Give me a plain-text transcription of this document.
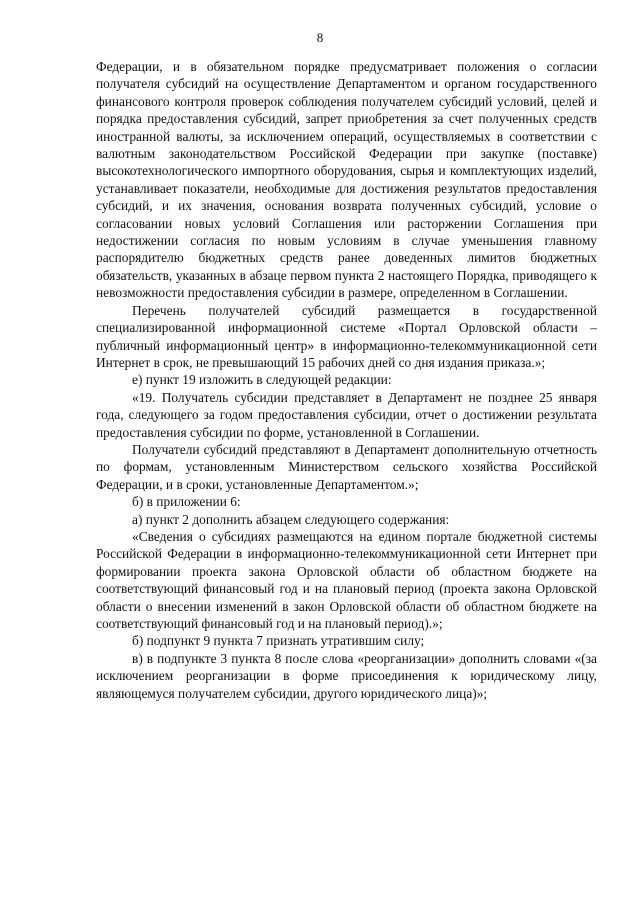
8

Федерации, и в обязательном порядке предусматривает положения о согласии получателя субсидий на осуществление Департаментом и органом государственного финансового контроля проверок соблюдения получателем субсидий условий, целей и порядка предоставления субсидий, запрет приобретения за счет полученных средств иностранной валюты, за исключением операций, осуществляемых в соответствии с валютным законодательством Российской Федерации при закупке (поставке) высокотехнологического импортного оборудования, сырья и комплектующих изделий, устанавливает показатели, необходимые для достижения результатов предоставления субсидий, и их значения, основания возврата полученных субсидий, условие о согласовании новых условий Соглашения или расторжении Соглашения при недостижении согласия по новым условиям в случае уменьшения главному распорядителю бюджетных средств ранее доведенных лимитов бюджетных обязательств, указанных в абзаце первом пункта 2 настоящего Порядка, приводящего к невозможности предоставления субсидии в размере, определенном в Соглашении.

Перечень получателей субсидий размещается в государственной специализированной информационной системе «Портал Орловской области – публичный информационный центр» в информационно-телекоммуникационной сети Интернет в срок, не превышающий 15 рабочих дней со дня издания приказа.»;

е) пункт 19 изложить в следующей редакции:

«19. Получатель субсидии представляет в Департамент не позднее 25 января года, следующего за годом предоставления субсидии, отчет о достижении результата предоставления субсидии по форме, установленной в Соглашении.

Получатели субсидий представляют в Департамент дополнительную отчетность по формам, установленным Министерством сельского хозяйства Российской Федерации, и в сроки, установленные Департаментом.»;

б) в приложении 6:

а) пункт 2 дополнить абзацем следующего содержания:

«Сведения о субсидиях размещаются на едином портале бюджетной системы Российской Федерации в информационно-телекоммуникационной сети Интернет при формировании проекта закона Орловской области об областном бюджете на соответствующий финансовый год и на плановый период (проекта закона Орловской области о внесении изменений в закон Орловской области об областном бюджете на соответствующий финансовый год и на плановый период).»;

б) подпункт 9 пункта 7 признать утратившим силу;

в) в подпункте 3 пункта 8 после слова «реорганизации» дополнить словами «(за исключением реорганизации в форме присоединения к юридическому лицу, являющемуся получателем субсидии, другого юридического лица)»;
